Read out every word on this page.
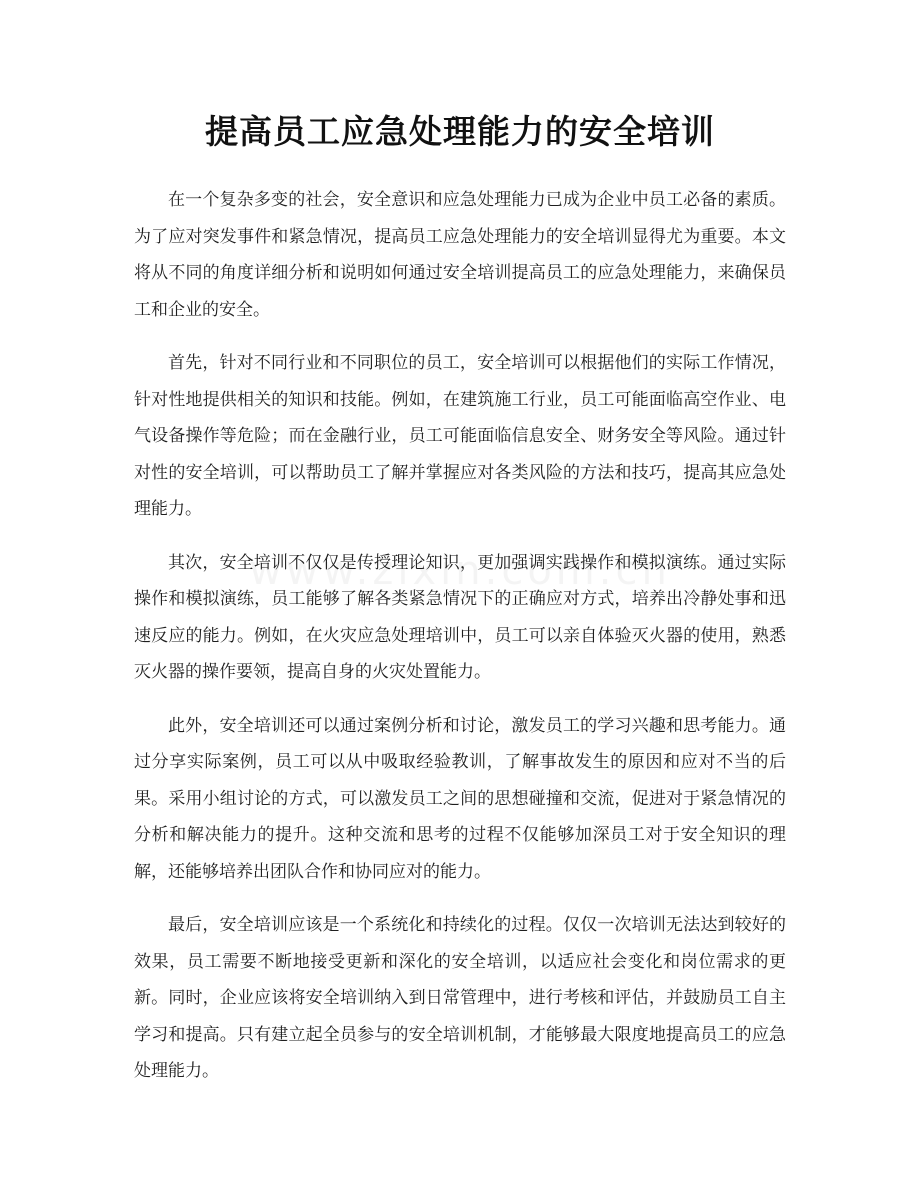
提高员工应急处理能力的安全培训

在一个复杂多变的社会，安全意识和应急处理能力已成为企业中员工必备的素质。为了应对突发事件和紧急情况，提高员工应急处理能力的安全培训显得尤为重要。本文将从不同的角度详细分析和说明如何通过安全培训提高员工的应急处理能力，来确保员工和企业的安全。

首先，针对不同行业和不同职位的员工，安全培训可以根据他们的实际工作情况，针对性地提供相关的知识和技能。例如，在建筑施工行业，员工可能面临高空作业、电气设备操作等危险；而在金融行业，员工可能面临信息安全、财务安全等风险。通过针对性的安全培训，可以帮助员工了解并掌握应对各类风险的方法和技巧，提高其应急处理能力。

其次，安全培训不仅仅是传授理论知识，更加强调实践操作和模拟演练。通过实际操作和模拟演练，员工能够了解各类紧急情况下的正确应对方式，培养出冷静处事和迅速反应的能力。例如，在火灾应急处理培训中，员工可以亲自体验灭火器的使用，熟悉灭火器的操作要领，提高自身的火灾处置能力。

此外，安全培训还可以通过案例分析和讨论，激发员工的学习兴趣和思考能力。通过分享实际案例，员工可以从中吸取经验教训，了解事故发生的原因和应对不当的后果。采用小组讨论的方式，可以激发员工之间的思想碰撞和交流，促进对于紧急情况的分析和解决能力的提升。这种交流和思考的过程不仅能够加深员工对于安全知识的理解，还能够培养出团队合作和协同应对的能力。

最后，安全培训应该是一个系统化和持续化的过程。仅仅一次培训无法达到较好的效果，员工需要不断地接受更新和深化的安全培训，以适应社会变化和岗位需求的更新。同时，企业应该将安全培训纳入到日常管理中，进行考核和评估，并鼓励员工自主学习和提高。只有建立起全员参与的安全培训机制，才能够最大限度地提高员工的应急处理能力。
